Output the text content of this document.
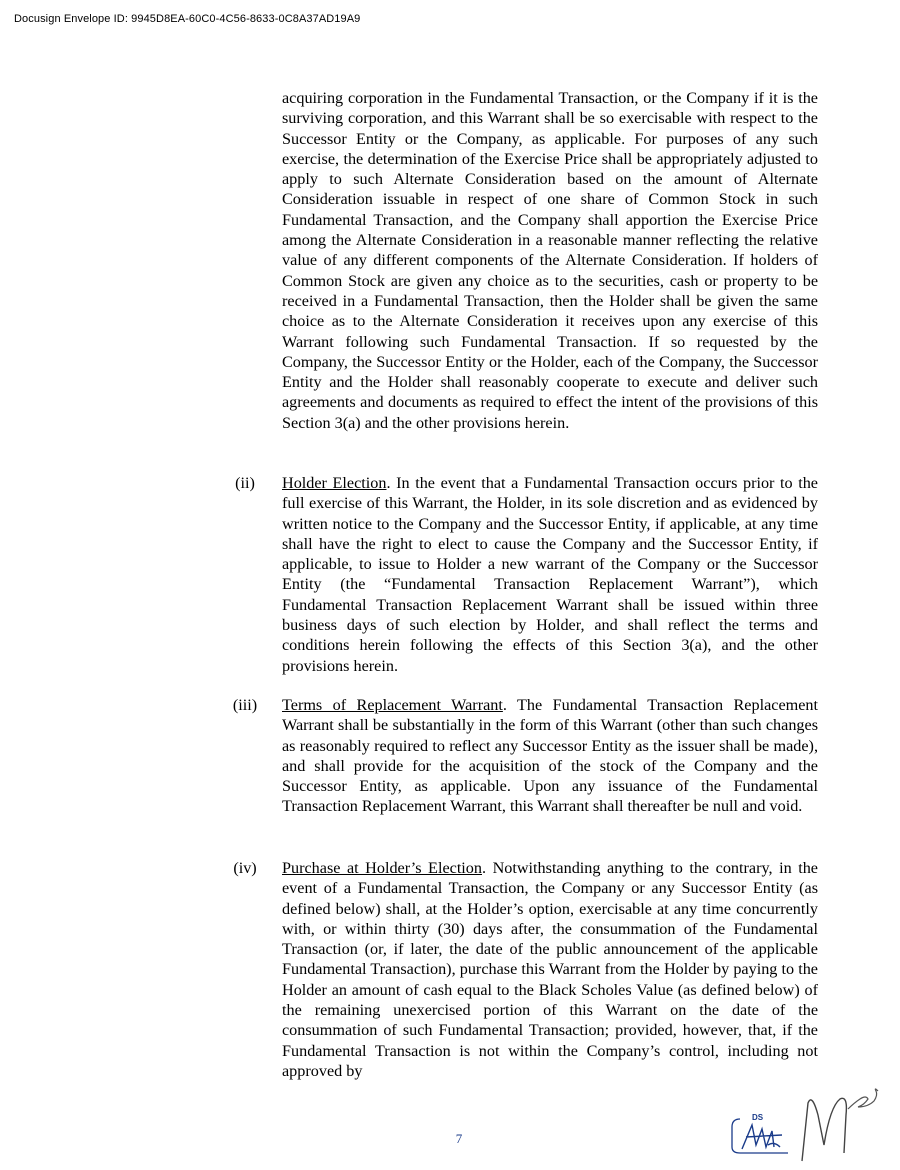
Docusign Envelope ID: 9945D8EA-60C0-4C56-8633-0C8A37AD19A9
acquiring corporation in the Fundamental Transaction, or the Company if it is the surviving corporation, and this Warrant shall be so exercisable with respect to the Successor Entity or the Company, as applicable. For purposes of any such exercise, the determination of the Exercise Price shall be appropriately adjusted to apply to such Alternate Consideration based on the amount of Alternate Consideration issuable in respect of one share of Common Stock in such Fundamental Transaction, and the Company shall apportion the Exercise Price among the Alternate Consideration in a reasonable manner reflecting the relative value of any different components of the Alternate Consideration. If holders of Common Stock are given any choice as to the securities, cash or property to be received in a Fundamental Transaction, then the Holder shall be given the same choice as to the Alternate Consideration it receives upon any exercise of this Warrant following such Fundamental Transaction. If so requested by the Company, the Successor Entity or the Holder, each of the Company, the Successor Entity and the Holder shall reasonably cooperate to execute and deliver such agreements and documents as required to effect the intent of the provisions of this Section 3(a) and the other provisions herein.
(ii)	Holder Election. In the event that a Fundamental Transaction occurs prior to the full exercise of this Warrant, the Holder, in its sole discretion and as evidenced by written notice to the Company and the Successor Entity, if applicable, at any time shall have the right to elect to cause the Company and the Successor Entity, if applicable, to issue to Holder a new warrant of the Company or the Successor Entity (the “Fundamental Transaction Replacement Warrant”), which Fundamental Transaction Replacement Warrant shall be issued within three business days of such election by Holder, and shall reflect the terms and conditions herein following the effects of this Section 3(a), and the other provisions herein.
(iii)	Terms of Replacement Warrant. The Fundamental Transaction Replacement Warrant shall be substantially in the form of this Warrant (other than such changes as reasonably required to reflect any Successor Entity as the issuer shall be made), and shall provide for the acquisition of the stock of the Company and the Successor Entity, as applicable. Upon any issuance of the Fundamental Transaction Replacement Warrant, this Warrant shall thereafter be null and void.
(iv)	Purchase at Holder’s Election. Notwithstanding anything to the contrary, in the event of a Fundamental Transaction, the Company or any Successor Entity (as defined below) shall, at the Holder’s option, exercisable at any time concurrently with, or within thirty (30) days after, the consummation of the Fundamental Transaction (or, if later, the date of the public announcement of the applicable Fundamental Transaction), purchase this Warrant from the Holder by paying to the Holder an amount of cash equal to the Black Scholes Value (as defined below) of the remaining unexercised portion of this Warrant on the date of the consummation of such Fundamental Transaction; provided, however, that, if the Fundamental Transaction is not within the Company’s control, including not approved by
7
DS
